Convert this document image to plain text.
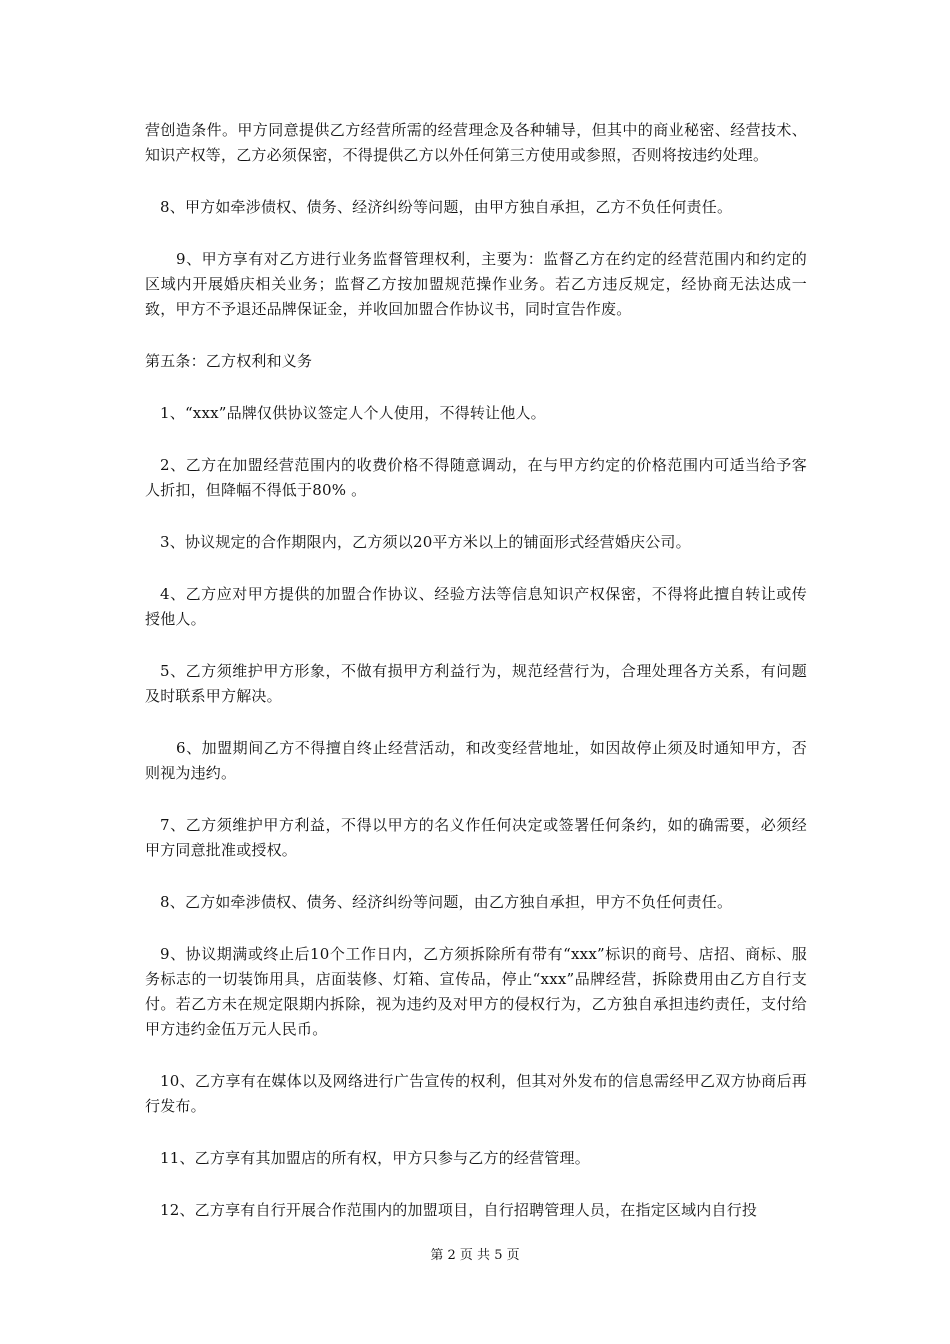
营创造条件。甲方同意提供乙方经营所需的经营理念及各种辅导，但其中的商业秘密、经营技术、知识产权等，乙方必须保密，不得提供乙方以外任何第三方使用或参照，否则将按违约处理。

8、甲方如牵涉债权、债务、经济纠纷等问题，由甲方独自承担，乙方不负任何责任。

9、甲方享有对乙方进行业务监督管理权利，主要为：监督乙方在约定的经营范围内和约定的区域内开展婚庆相关业务；监督乙方按加盟规范操作业务。若乙方违反规定，经协商无法达成一致，甲方不予退还品牌保证金，并收回加盟合作协议书，同时宣告作废。

第五条：乙方权利和义务

1、“xxx”品牌仅供协议签定人个人使用，不得转让他人。

2、乙方在加盟经营范围内的收费价格不得随意调动，在与甲方约定的价格范围内可适当给予客人折扣，但降幅不得低于80% 。

3、协议规定的合作期限内，乙方须以20平方米以上的铺面形式经营婚庆公司。

4、乙方应对甲方提供的加盟合作协议、经验方法等信息知识产权保密，不得将此擅自转让或传授他人。

5、乙方须维护甲方形象，不做有损甲方利益行为，规范经营行为，合理处理各方关系，有问题及时联系甲方解决。

6、加盟期间乙方不得擅自终止经营活动，和改变经营地址，如因故停止须及时通知甲方，否则视为违约。

7、乙方须维护甲方利益，不得以甲方的名义作任何决定或签署任何条约，如的确需要，必须经甲方同意批准或授权。

8、乙方如牵涉债权、债务、经济纠纷等问题，由乙方独自承担，甲方不负任何责任。

9、协议期满或终止后10个工作日内，乙方须拆除所有带有“xxx”标识的商号、店招、商标、服务标志的一切装饰用具，店面装修、灯箱、宣传品，停止“xxx”品牌经营，拆除费用由乙方自行支付。若乙方未在规定限期内拆除，视为违约及对甲方的侵权行为，乙方独自承担违约责任，支付给甲方违约金伍万元人民币。

10、乙方享有在媒体以及网络进行广告宣传的权利，但其对外发布的信息需经甲乙双方协商后再行发布。

11、乙方享有其加盟店的所有权，甲方只参与乙方的经营管理。

12、乙方享有自行开展合作范围内的加盟项目，自行招聘管理人员，在指定区域内自行投

第 2 页 共 5 页
